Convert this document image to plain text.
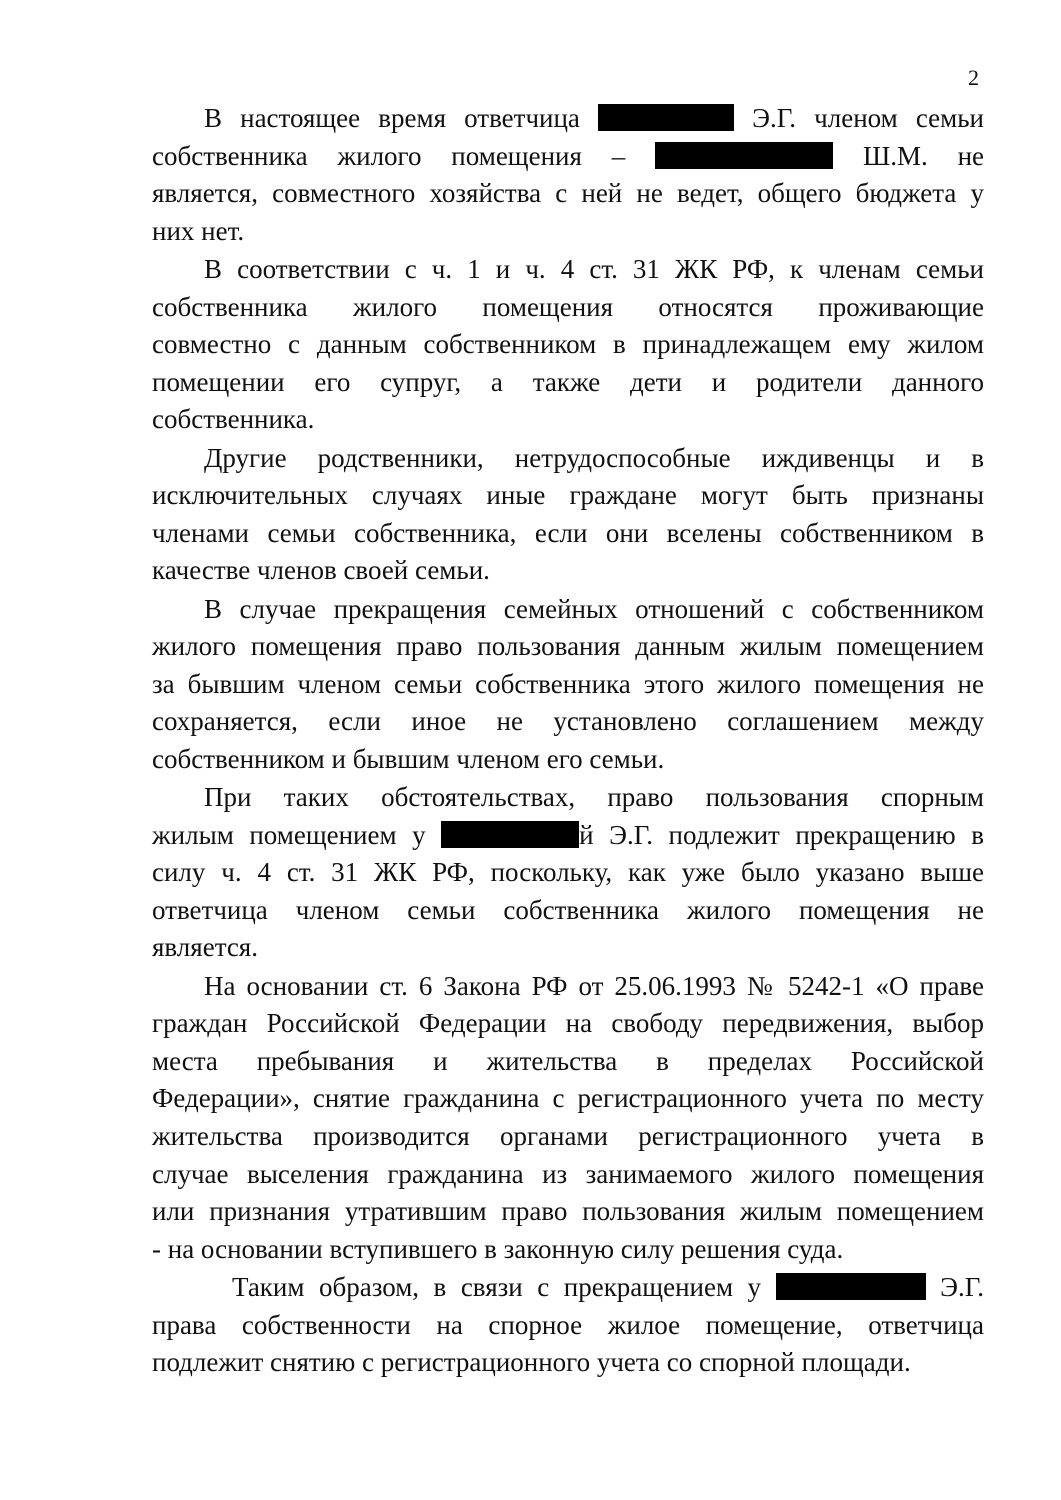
2
В настоящее время ответчица	Э.Г. членом семьи
собственника жилого помещения –	Ш.М. не
является, совместного хозяйства с ней не ведет, общего бюджета у
них нет.
В соответствии с ч. 1 и ч. 4 ст. 31 ЖК РФ, к членам семьи
собственника жилого помещения относятся проживающие
совместно с данным собственником в принадлежащем ему жилом
помещении его супруг, а также дети и родители данного
собственника.
Другие родственники, нетрудоспособные иждивенцы и в
исключительных случаях иные граждане могут быть признаны
членами семьи собственника, если они вселены собственником в
качестве членов своей семьи.
В случае прекращения семейных отношений с собственником
жилого помещения право пользования данным жилым помещением
за бывшим членом семьи собственника этого жилого помещения не
сохраняется, если иное не установлено соглашением между
собственником и бывшим членом его семьи.
При таких обстоятельствах, право пользования спорным
жилым помещением у	й Э.Г. подлежит прекращению в
силу ч. 4 ст. 31 ЖК РФ, поскольку, как уже было указано выше
ответчица членом семьи собственника жилого помещения не
является.
На основании ст. 6 Закона РФ от 25.06.1993 № 5242-1 «О праве
граждан Российской Федерации на свободу передвижения, выбор
места пребывания и жительства в пределах Российской
Федерации», снятие гражданина с регистрационного учета по месту
жительства производится органами регистрационного учета в
случае выселения гражданина из занимаемого жилого помещения
или признания утратившим право пользования жилым помещением
- на основании вступившего в законную силу решения суда.
Таким образом, в связи с прекращением у	Э.Г.
права собственности на спорное жилое помещение, ответчица
подлежит снятию с регистрационного учета со спорной площади.
